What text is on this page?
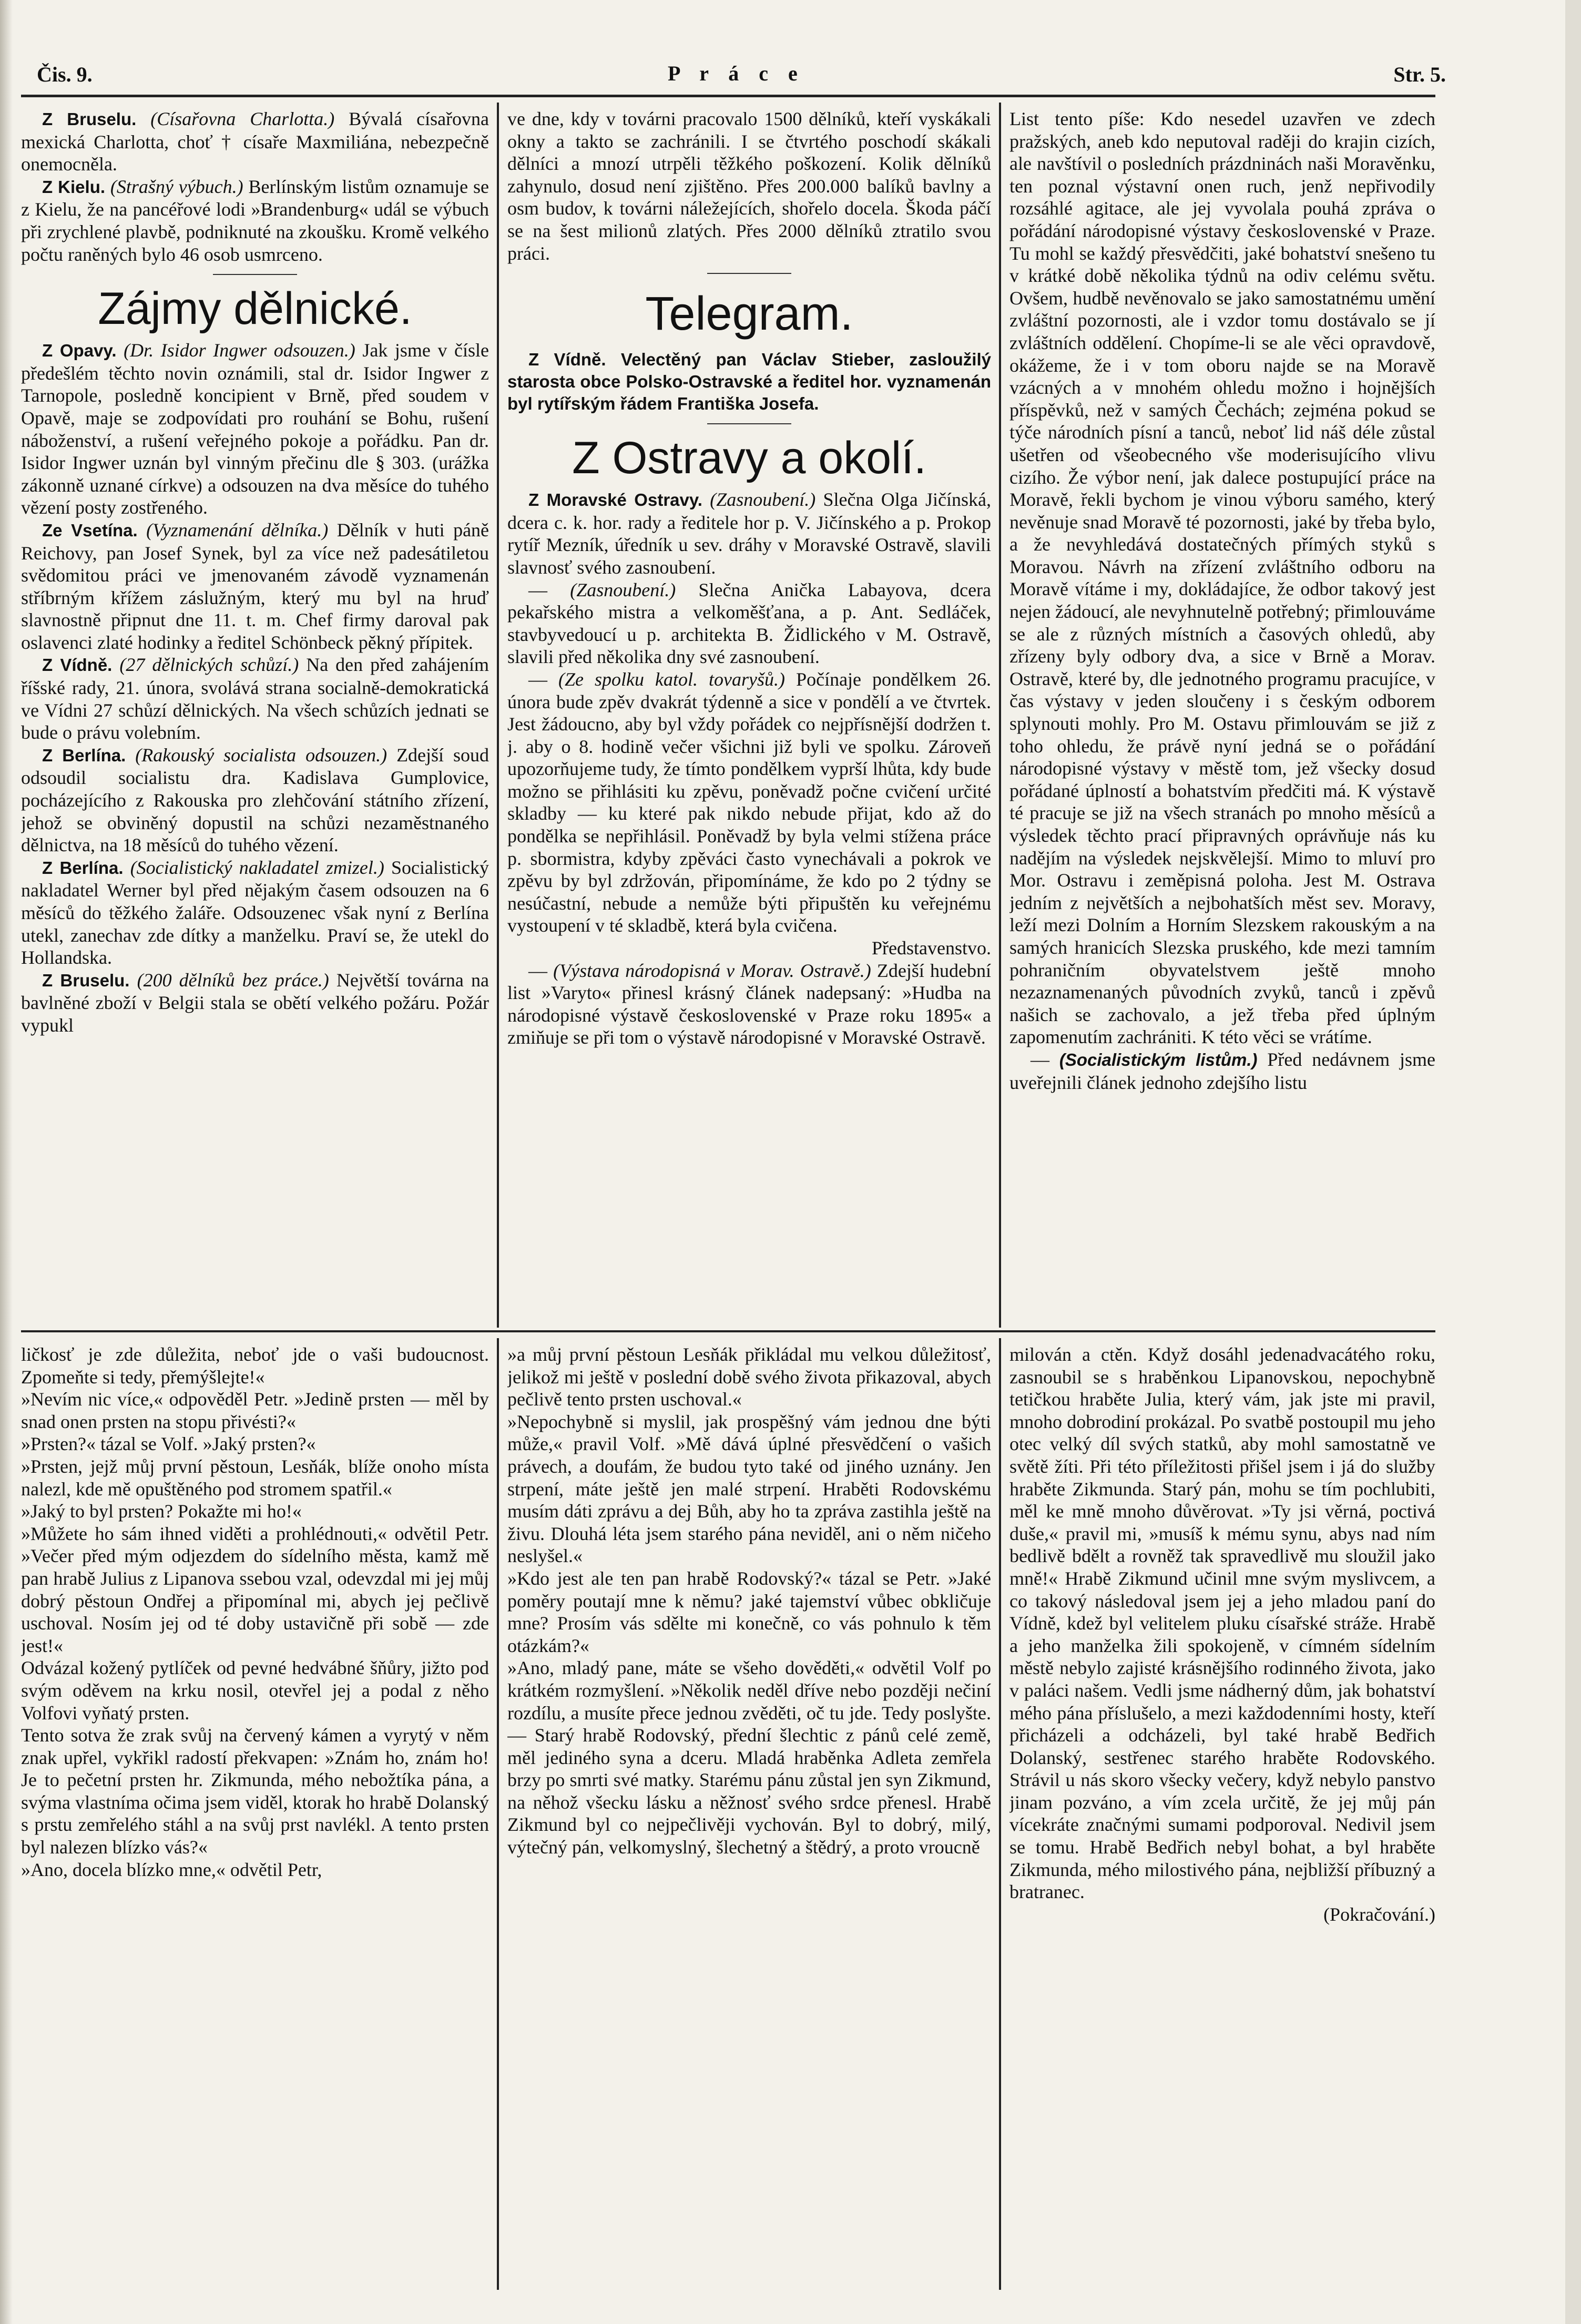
Čis. 9.	P r á c e	Str. 5.

Z Bruselu. (Císařovna Charlotta.) Bývalá císařovna mexická Charlotta, choť † císaře Maxmiliána, nebezpečně onemocněla.

Z Kielu. (Strašný výbuch.) Berlínským listům oznamuje se z Kielu, že na pancéřové lodi »Brandenburg« udál se výbuch při zrychlené plavbě, podniknuté na zkoušku. Kromě velkého počtu raněných bylo 46 osob usmrceno.

Zájmy dělnické.

Z Opavy. (Dr. Isidor Ingwer odsouzen.) Jak jsme v čísle předešlém těchto novin oznámili, stal dr. Isidor Ingwer z Tarnopole, posledně koncipient v Brně, před soudem v Opavě, maje se zodpovídati pro rouhání se Bohu, rušení náboženství, a rušení veřejného pokoje a pořádku. Pan dr. Isidor Ingwer uznán byl vinným přečinu dle § 303. (urážka zákonně uznané církve) a odsouzen na dva měsíce do tuhého vězení posty zostřeného.

Ze Vsetína. (Vyznamenání dělníka.) Dělník v huti páně Reichovy, pan Josef Synek, byl za více než padesátiletou svědomitou práci ve jmenovaném závodě vyznamenán stříbrným křížem záslužným, který mu byl na hruď slavnostně připnut dne 11. t. m. Chef firmy daroval pak oslavenci zlaté hodinky a ředitel Schönbeck pěkný přípitek.

Z Vídně. (27 dělnických schůzí.) Na den před zahájením říšské rady, 21. února, svolává strana socialně-demokratická ve Vídni 27 schůzí dělnických. Na všech schůzích jednati se bude o právu volebním.

Z Berlína. (Rakouský socialista odsouzen.) Zdejší soud odsoudil socialistu dra. Kadislava Gumplovice, pocházejícího z Rakouska pro zlehčování státního zřízení, jehož se obviněný dopustil na schůzi nezaměstnaného dělnictva, na 18 měsíců do tuhého vězení.

Z Berlína. (Socialistický nakladatel zmizel.) Socialistický nakladatel Werner byl před nějakým časem odsouzen na 6 měsíců do těžkého žaláře. Odsouzenec však nyní z Berlína utekl, zanechav zde dítky a manželku. Praví se, že utekl do Hollandska.

Z Bruselu. (200 dělníků bez práce.) Největší továrna na bavlněné zboží v Belgii stala se obětí velkého požáru. Požár vypukl

ve dne, kdy v továrni pracovalo 1500 dělníků, kteří vyskákali okny a takto se zachránili. I se čtvrtého poschodí skákali dělníci a mnozí utrpěli těžkého poškození. Kolik dělníků zahynulo, dosud není zjištěno. Přes 200.000 balíků bavlny a osm budov, k továrni náležejících, shořelo docela. Škoda páčí se na šest milionů zlatých. Přes 2000 dělníků ztratilo svou práci.

Telegram.

Z Vídně. Velectěný pan Václav Stieber, zasloužilý starosta obce Polsko-Ostravské a ředitel hor. vyznamenán byl rytířským řádem Františka Josefa.

Z Ostravy a okolí.

Z Moravské Ostravy. (Zasnoubení.) Slečna Olga Jičínská, dcera c. k. hor. rady a ředitele hor p. V. Jičínského a p. Prokop rytíř Mezník, úředník u sev. dráhy v Moravské Ostravě, slavili slavnosť svého zasnoubení.

— (Zasnoubení.) Slečna Anička Labayova, dcera pekařského mistra a velkoměšťana, a p. Ant. Sedláček, stavbyvedoucí u p. architekta B. Židlického v M. Ostravě, slavili před několika dny své zasnoubení.

— (Ze spolku katol. tovaryšů.) Počínaje pondělkem 26. února bude zpěv dvakrát týdenně a sice v pondělí a ve čtvrtek. Jest žádoucno, aby byl vždy pořádek co nejpřísnější dodržen t. j. aby o 8. hodině večer všichni již byli ve spolku. Zároveň upozorňujeme tudy, že tímto pondělkem vyprší lhůta, kdy bude možno se přihlásiti ku zpěvu, poněvadž počne cvičení určité skladby — ku které pak nikdo nebude přijat, kdo až do pondělka se nepřihlásil. Poněvadž by byla velmi stížena práce p. sbormistra, kdyby zpěváci často vynechávali a pokrok ve zpěvu by byl zdržován, připomínáme, že kdo po 2 týdny se nesúčastní, nebude a nemůže býti připuštěn ku veřejnému vystoupení v té skladbě, která byla cvičena.

Představenstvo.

— (Výstava národopisná v Morav. Ostravě.) Zdejší hudební list »Varyto« přinesl krásný článek nadepsaný: »Hudba na národopisné výstavě československé v Praze roku 1895« a zmiňuje se při tom o výstavě národopisné v Moravské Ostravě.

List tento píše: Kdo nesedel uzavřen ve zdech pražských, aneb kdo neputoval raději do krajin cizích, ale navštívil o posledních prázdninách naši Moravěnku, ten poznal výstavní onen ruch, jenž nepřivodily rozsáhlé agitace, ale jej vyvolala pouhá zpráva o pořádání národopisné výstavy československé v Praze. Tu mohl se každý přesvědčiti, jaké bohatství snešeno tu v krátké době několika týdnů na odiv celému světu. Ovšem, hudbě nevěnovalo se jako samostatnému umění zvláštní pozornosti, ale i vzdor tomu dostávalo se jí zvláštních oddělení. Chopíme-li se ale věci opravdově, okážeme, že i v tom oboru najde se na Moravě vzácných a v mnohém ohledu možno i hojnějších příspěvků, než v samých Čechách; zejména pokud se týče národních písní a tanců, neboť lid náš déle zůstal ušetřen od všeobecného vše moderisujícího vlivu cizího. Že výbor není, jak dalece postupující práce na Moravě, řekli bychom je vinou výboru samého, který nevěnuje snad Moravě té pozornosti, jaké by třeba bylo, a že nevyhledává dostatečných přímých styků s Moravou. Návrh na zřízení zvláštního odboru na Moravě vítáme i my, dokládajíce, že odbor takový jest nejen žádoucí, ale nevyhnutelně potřebný; přimlouváme se ale z různých místních a časových ohledů, aby zřízeny byly odbory dva, a sice v Brně a Morav. Ostravě, které by, dle jednotného programu pracujíce, v čas výstavy v jeden sloučeny i s českým odborem splynouti mohly. Pro M. Ostavu přimlouvám se již z toho ohledu, že právě nyní jedná se o pořádání národopisné výstavy v městě tom, jež všecky dosud pořádané úplností a bohatstvím předčiti má. K výstavě té pracuje se již na všech stranách po mnoho měsíců a výsledek těchto prací připravných oprávňuje nás ku nadějím na výsledek nejskvělejší. Mimo to mluví pro Mor. Ostravu i zeměpisná poloha. Jest M. Ostrava jedním z největších a nejbohatších měst sev. Moravy, leží mezi Dolním a Horním Slezskem rakouským a na samých hranicích Slezska pruského, kde mezi tamním pohraničním obyvatelstvem ještě mnoho nezaznamenaných původních zvyků, tanců i zpěvů našich se zachovalo, a jež třeba před úplným zapomenutím zachrániti. K této věci se vrátíme.

— (Socialistickým listům.) Před nedávnem jsme uveřejnili článek jednoho zdejšího listu

ličkosť je zde důležita, neboť jde o vaši budoucnost. Zpomeňte si tedy, přemýšlejte!«
»Nevím nic více,« odpověděl Petr. »Jedině prsten — měl by snad onen prsten na stopu přivésti?«
»Prsten?« tázal se Volf. »Jaký prsten?«
»Prsten, jejž můj první pěstoun, Lesňák, blíže onoho místa nalezl, kde mě opuštěného pod stromem spatřil.«
»Jaký to byl prsten? Pokažte mi ho!«
»Můžete ho sám ihned viděti a prohlédnouti,« odvětil Petr. »Večer před mým odjezdem do sídelního města, kamž mě pan hrabě Julius z Lipanova ssebou vzal, odevzdal mi jej můj dobrý pěstoun Ondřej a připomínal mi, abych jej pečlivě uschoval. Nosím jej od té doby ustavičně při sobě — zde jest!«
Odvázal kožený pytlíček od pevné hedvábné šňůry, jižto pod svým oděvem na krku nosil, otevřel jej a podal z něho Volfovi vyňatý prsten.
Tento sotva že zrak svůj na červený kámen a vyrytý v něm znak upřel, vykřikl radostí překvapen: »Znám ho, znám ho! Je to pečetní prsten hr. Zikmunda, mého nebožtíka pána, a svýma vlastníma očima jsem viděl, ktorak ho hrabě Dolanský s prstu zemřelého stáhl a na svůj prst navlékl. A tento prsten byl nalezen blízko vás?«
»Ano, docela blízko mne,« odvětil Petr,
»a můj první pěstoun Lesňák přikládal mu velkou důležitosť, jelikož mi ještě v poslední době svého života přikazoval, abych pečlivě tento prsten uschoval.«
»Nepochybně si myslil, jak prospěšný vám jednou dne býti může,« pravil Volf. »Mě dává úplné přesvědčení o vašich právech, a doufám, že budou tyto také od jiného uznány. Jen strpení, máte ještě jen malé strpení. Hraběti Rodovskému musím dáti zprávu a dej Bůh, aby ho ta zpráva zastihla ještě na živu. Dlouhá léta jsem starého pána neviděl, ani o něm ničeho neslyšel.«
»Kdo jest ale ten pan hrabě Rodovský?« tázal se Petr. »Jaké poměry poutají mne k němu? jaké tajemství vůbec obkličuje mne? Prosím vás sdělte mi konečně, co vás pohnulo k těm otázkám?«
»Ano, mladý pane, máte se všeho dověděti,« odvětil Volf po krátkém rozmyšlení. »Několik neděl dříve nebo později nečiní rozdílu, a musíte přece jednou zvěděti, oč tu jde. Tedy poslyšte. — Starý hrabě Rodovský, přední šlechtic z pánů celé země, měl jediného syna a dceru. Mladá hraběnka Adleta zemřela brzy po smrti své matky. Starému pánu zůstal jen syn Zikmund, na něhož všecku lásku a něžnosť svého srdce přenesl. Hrabě Zikmund byl co nejpečlivěji vychován. Byl to dobrý, milý, výtečný pán, velkomyslný, šlechetný a štědrý, a proto vroucně

milován a ctěn. Když dosáhl jedenadvacátého roku, zasnoubil se s hraběnkou Lipanovskou, nepochybně tetičkou hraběte Julia, který vám, jak jste mi pravil, mnoho dobrodiní prokázal. Po svatbě postoupil mu jeho otec velký díl svých statků, aby mohl samostatně ve světě žíti. Při této příležitosti přišel jsem i já do služby hraběte Zikmunda. Starý pán, mohu se tím pochlubiti, měl ke mně mnoho důvěrovat. »Ty jsi věrná, poctivá duše,« pravil mi, »musíš k mému synu, abys nad ním bedlivě bdělt a rovněž tak spravedlivě mu sloužil jako mně!« Hrabě Zikmund učinil mne svým myslivcem, a co takový následoval jsem jej a jeho mladou paní do Vídně, kdež byl velitelem pluku císařské stráže. Hrabě a jeho manželka žili spokojeně, v címném sídelním městě nebylo zajisté krásnějšího rodinného života, jako v paláci našem. Vedli jsme nádherný dům, jak bohatství mého pána příslušelo, a mezi každodenními hosty, kteří přicházeli a odcházeli, byl také hrabě Bedřich Dolanský, sestřenec starého hraběte Rodovského. Strávil u nás skoro všecky večery, když nebylo panstvo jinam pozváno, a vím zcela určitě, že jej můj pán vícekráte značnými sumami podporoval. Nedivil jsem se tomu. Hrabě Bedřich nebyl bohat, a byl hraběte Zikmunda, mého milostivého pána, nejbližší příbuzný a bratranec.

(Pokračování.)
